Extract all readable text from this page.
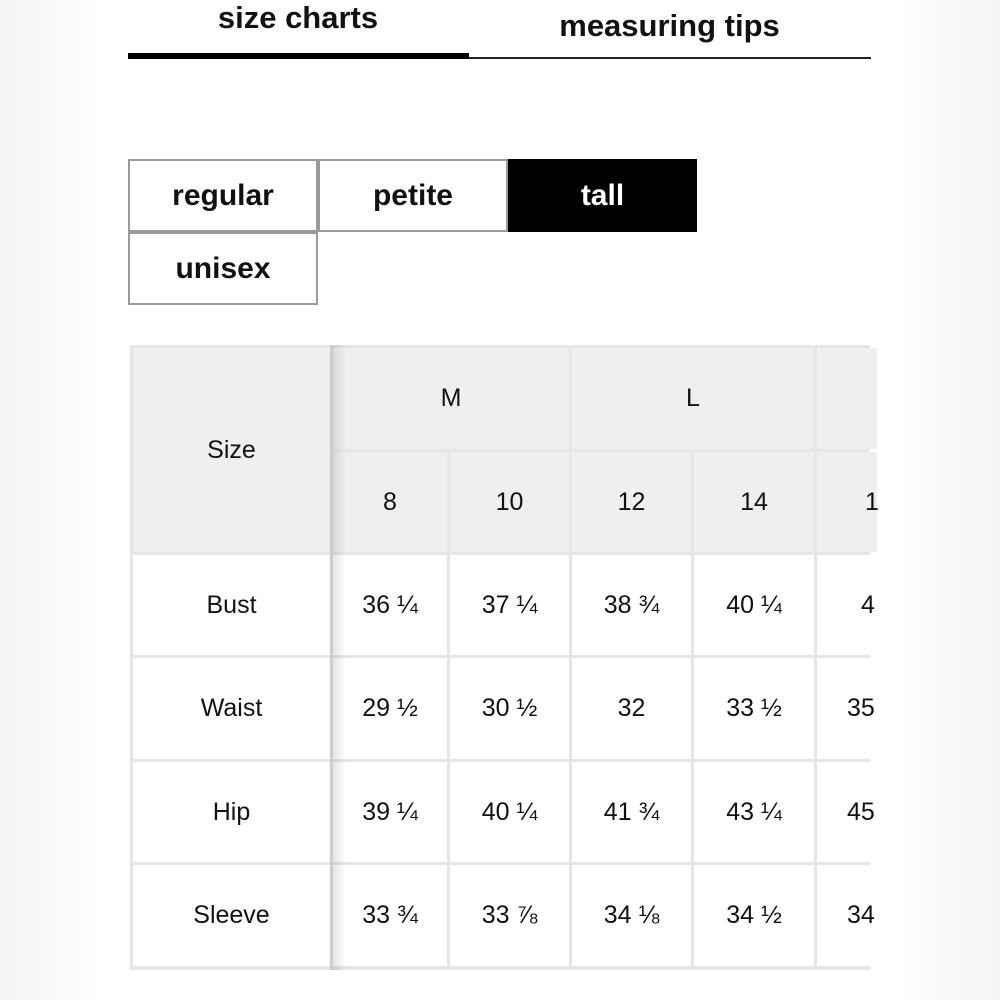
size charts	measuring tips
regular	petite	tall
unisex
Size
M	L
8	10	12	14	1
Bust	36 ¼	37 ¼	38 ¾	40 ¼	4
Waist	29 ½	30 ½	32	33 ½	35
Hip	39 ¼	40 ¼	41 ¾	43 ¼	45
Sleeve	33 ¾	33 ⅞	34 ⅛	34 ½	34
